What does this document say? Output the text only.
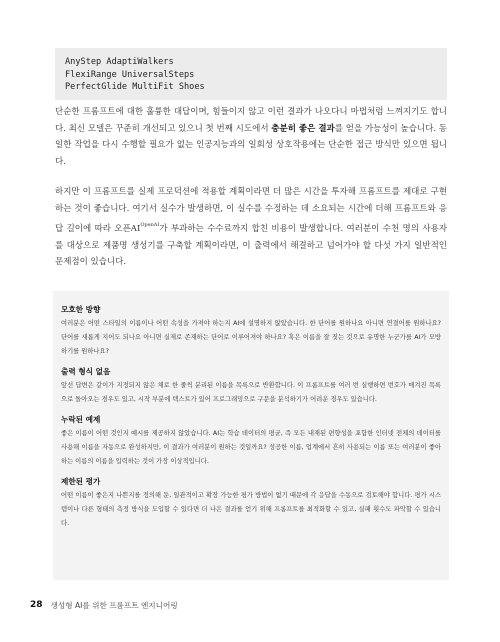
AnyStep AdaptiWalkers
FlexiRange UniversalSteps
PerfectGlide MultiFit Shoes
단순한 프롬프트에 대한 훌륭한 대답이며, 힘들이지 않고 이런 결과가 나오다니 마법처럼 느껴지기도 합니다. 최신 모델은 꾸준히 개선되고 있으니 첫 번째 시도에서 충분히 좋은 결과를 얻을 가능성이 높습니다. 동일한 작업을 다시 수행할 필요가 없는 인공지능과의 일회성 상호작용에는 단순한 접근 방식만 있으면 됩니다.
하지만 이 프롬프트를 실제 프로덕션에 적용할 계획이라면 더 많은 시간을 투자해 프롬프트를 제대로 구현하는 것이 좋습니다. 여기서 실수가 발생하면, 이 실수를 수정하는 데 소요되는 시간에 더해 프롬프트와 응답 길이에 따라 오픈$AI^{OpenAI}$가 부과하는 수수료까지 합친 비용이 발생합니다. 여러분이 수천 명의 사용자를 대상으로 제품명 생성기를 구축할 계획이라면, 이 출력에서 해결하고 넘어가야 할 다섯 가지 일반적인 문제점이 있습니다.
모호한 방향
여러분은 어떤 스타일의 이름이나 어떤 속성을 가져야 하는지 AI에 설명하지 않았습니다. 한 단어를 원하나요 아니면 연결어를 원하나요? 단어를 새롭게 지어도 되나요 아니면 실제로 존재하는 단어로 이루어져야 하나요? 혹은 이름을 잘 짓는 것으로 유명한 누군가를 AI가 모방하기를 원하나요?
출력 형식 없음
앞선 답변은 같이가 지정되지 않은 채로 한 줄씩 분리된 이름을 목록으로 반환합니다. 이 프롬프트를 여러 번 실행하면 번호가 매겨진 목록으로 돌아오는 경우도 있고, 시작 부분에 텍스트가 있어 프로그래밍으로 구문을 분석하기가 어려운 경우도 있습니다.
누락된 예제
좋은 이름이 어떤 것인지 예시를 제공하지 않았습니다. AI는 학습 데이터의 평균, 즉 모든 내재된 편향성을 포함한 인터넷 전체의 데이터를 사용해 이름을 자동으로 완성하지만, 이 결과가 여러분이 원하는 것일까요? 성공한 이름, 업계에서 흔히 사용되는 이름 또는 여러분이 좋아하는 이름의 이름을 입력하는 것이 가장 이상적입니다.
제한된 평가
어떤 이름이 좋은지 나쁜지를 정의해 둔, 일관적이고 확장 가능한 평가 방법이 없기 때문에 각 응답을 수동으로 검토해야 합니다. 평가 시스템이나 다른 형태의 측정 방식을 도입할 수 있다면 더 나은 결과를 얻기 위해 프롬프트를 최적화할 수 있고, 실패 횟수도 파악할 수 있습니다.
28 생성형 AI를 위한 프롬프트 엔지니어링
